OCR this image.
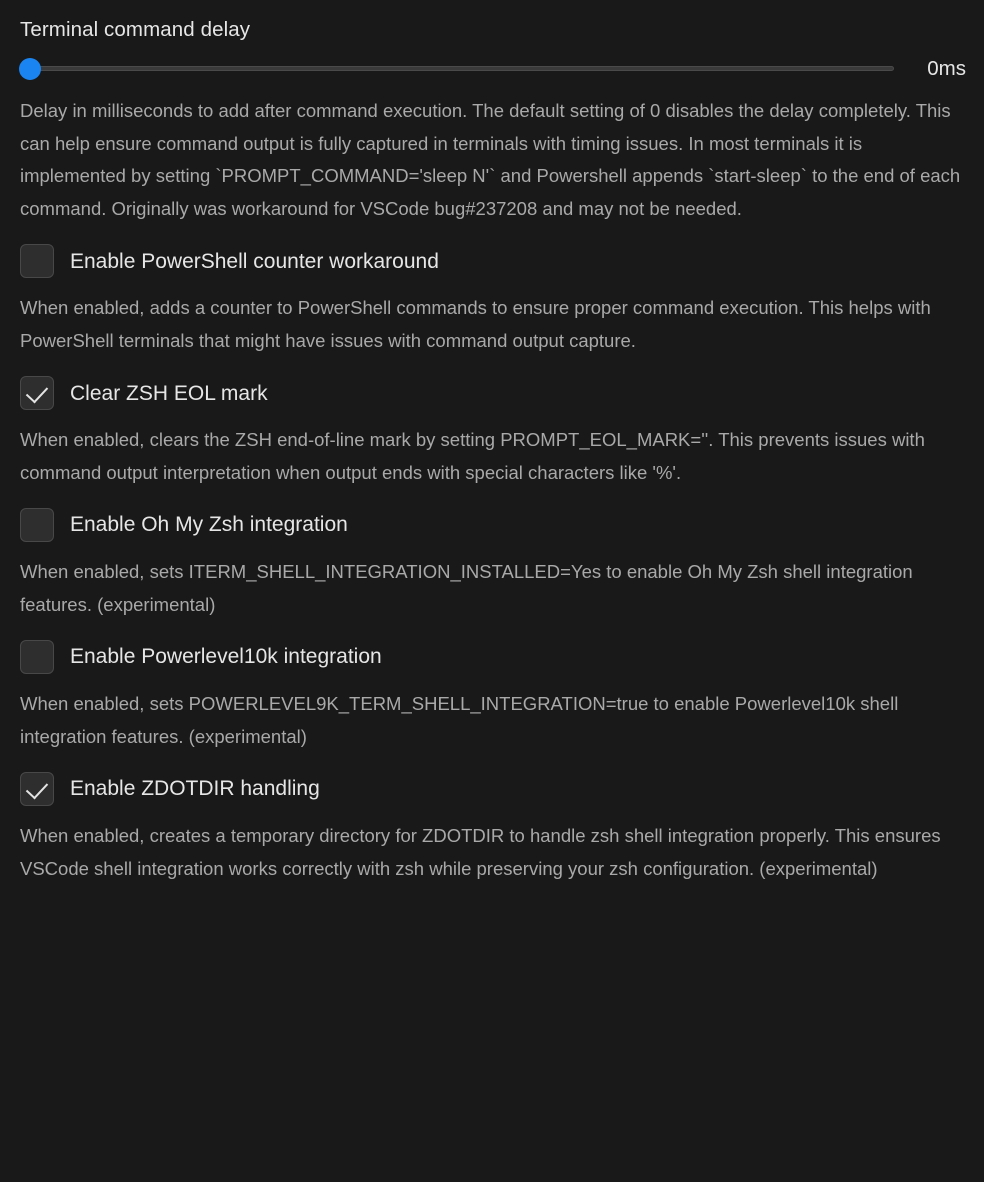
Terminal command delay
0ms

Delay in milliseconds to add after command execution. The default setting of 0 disables the delay completely. This can help ensure command output is fully captured in terminals with timing issues. In most terminals it is implemented by setting `PROMPT_COMMAND='sleep N'` and Powershell appends `start-sleep` to the end of each command. Originally was workaround for VSCode bug#237208 and may not be needed.

Enable PowerShell counter workaround

When enabled, adds a counter to PowerShell commands to ensure proper command execution. This helps with PowerShell terminals that might have issues with command output capture.

Clear ZSH EOL mark

When enabled, clears the ZSH end-of-line mark by setting PROMPT_EOL_MARK=''. This prevents issues with command output interpretation when output ends with special characters like '%'.

Enable Oh My Zsh integration

When enabled, sets ITERM_SHELL_INTEGRATION_INSTALLED=Yes to enable Oh My Zsh shell integration features. (experimental)

Enable Powerlevel10k integration

When enabled, sets POWERLEVEL9K_TERM_SHELL_INTEGRATION=true to enable Powerlevel10k shell integration features. (experimental)

Enable ZDOTDIR handling

When enabled, creates a temporary directory for ZDOTDIR to handle zsh shell integration properly. This ensures VSCode shell integration works correctly with zsh while preserving your zsh configuration. (experimental)
